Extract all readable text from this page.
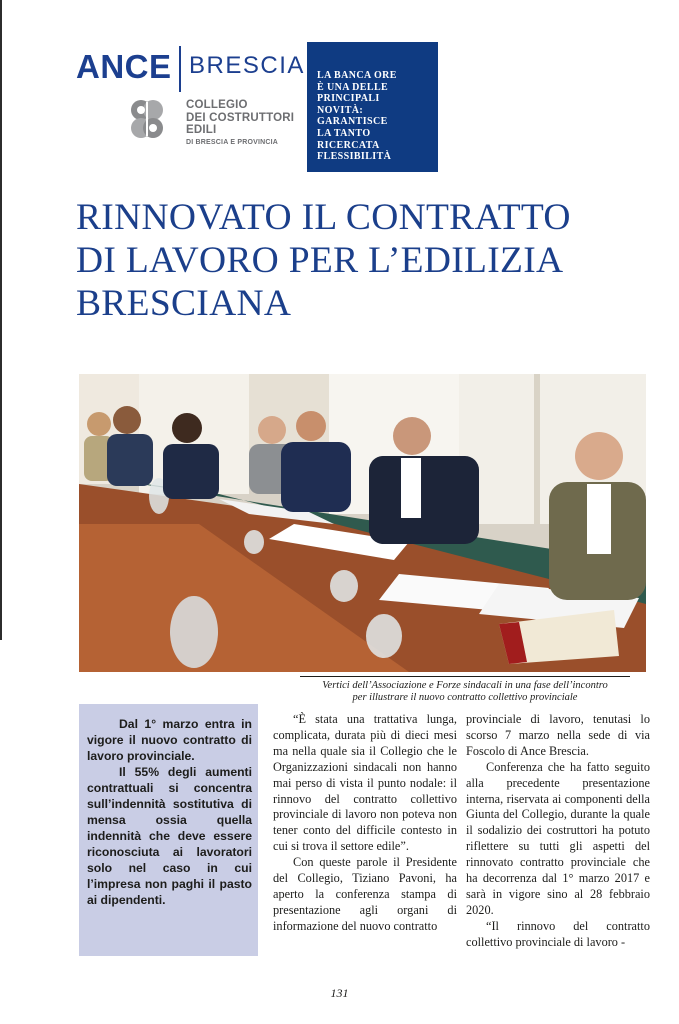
ANCE BRESCIA
COLLEGIO
DEI COSTRUTTORI
EDILI
DI BRESCIA E PROVINCIA

LA BANCA ORE
È UNA DELLE
PRINCIPALI
NOVITÀ:
GARANTISCE
LA TANTO
RICERCATA
FLESSIBILITÀ

RINNOVATO IL CONTRATTO
DI LAVORO PER L’EDILIZIA
BRESCIANA
Vertici dell’Associazione e Forze sindacali in una fase dell’incontro
per illustrare il nuovo contratto collettivo provinciale

Dal 1° marzo entra in vigore il nuovo contratto di lavoro provinciale.

Il 55% degli aumenti contrattuali si concentra sull’indennità sostitutiva di mensa ossia quella indennità che deve essere riconosciuta ai lavoratori solo nel caso in cui l’impresa non paghi il pasto ai dipendenti.

“È stata una trattativa lunga, complicata, durata più di dieci mesi ma nella quale sia il Collegio che le Organizzazioni sindacali non hanno mai perso di vista il punto nodale: il rinnovo del contratto collettivo provinciale di lavoro non poteva non tener conto del difficile contesto in cui si trova il settore edile”.

Con queste parole il Presidente del Collegio, Tiziano Pavoni, ha aperto la conferenza stampa di presentazione agli organi di informazione del nuovo contratto

provinciale di lavoro, tenutasi lo scorso 7 marzo nella sede di via Foscolo di Ance Brescia.

Conferenza che ha fatto seguito alla precedente presentazione interna, riservata ai componenti della Giunta del Collegio, durante la quale il sodalizio dei costruttori ha potuto riflettere su tutti gli aspetti del rinnovato contratto provinciale che ha decorrenza dal 1° marzo 2017 e sarà in vigore sino al 28 febbraio 2020.

“Il rinnovo del contratto collettivo provinciale di lavoro -

131
